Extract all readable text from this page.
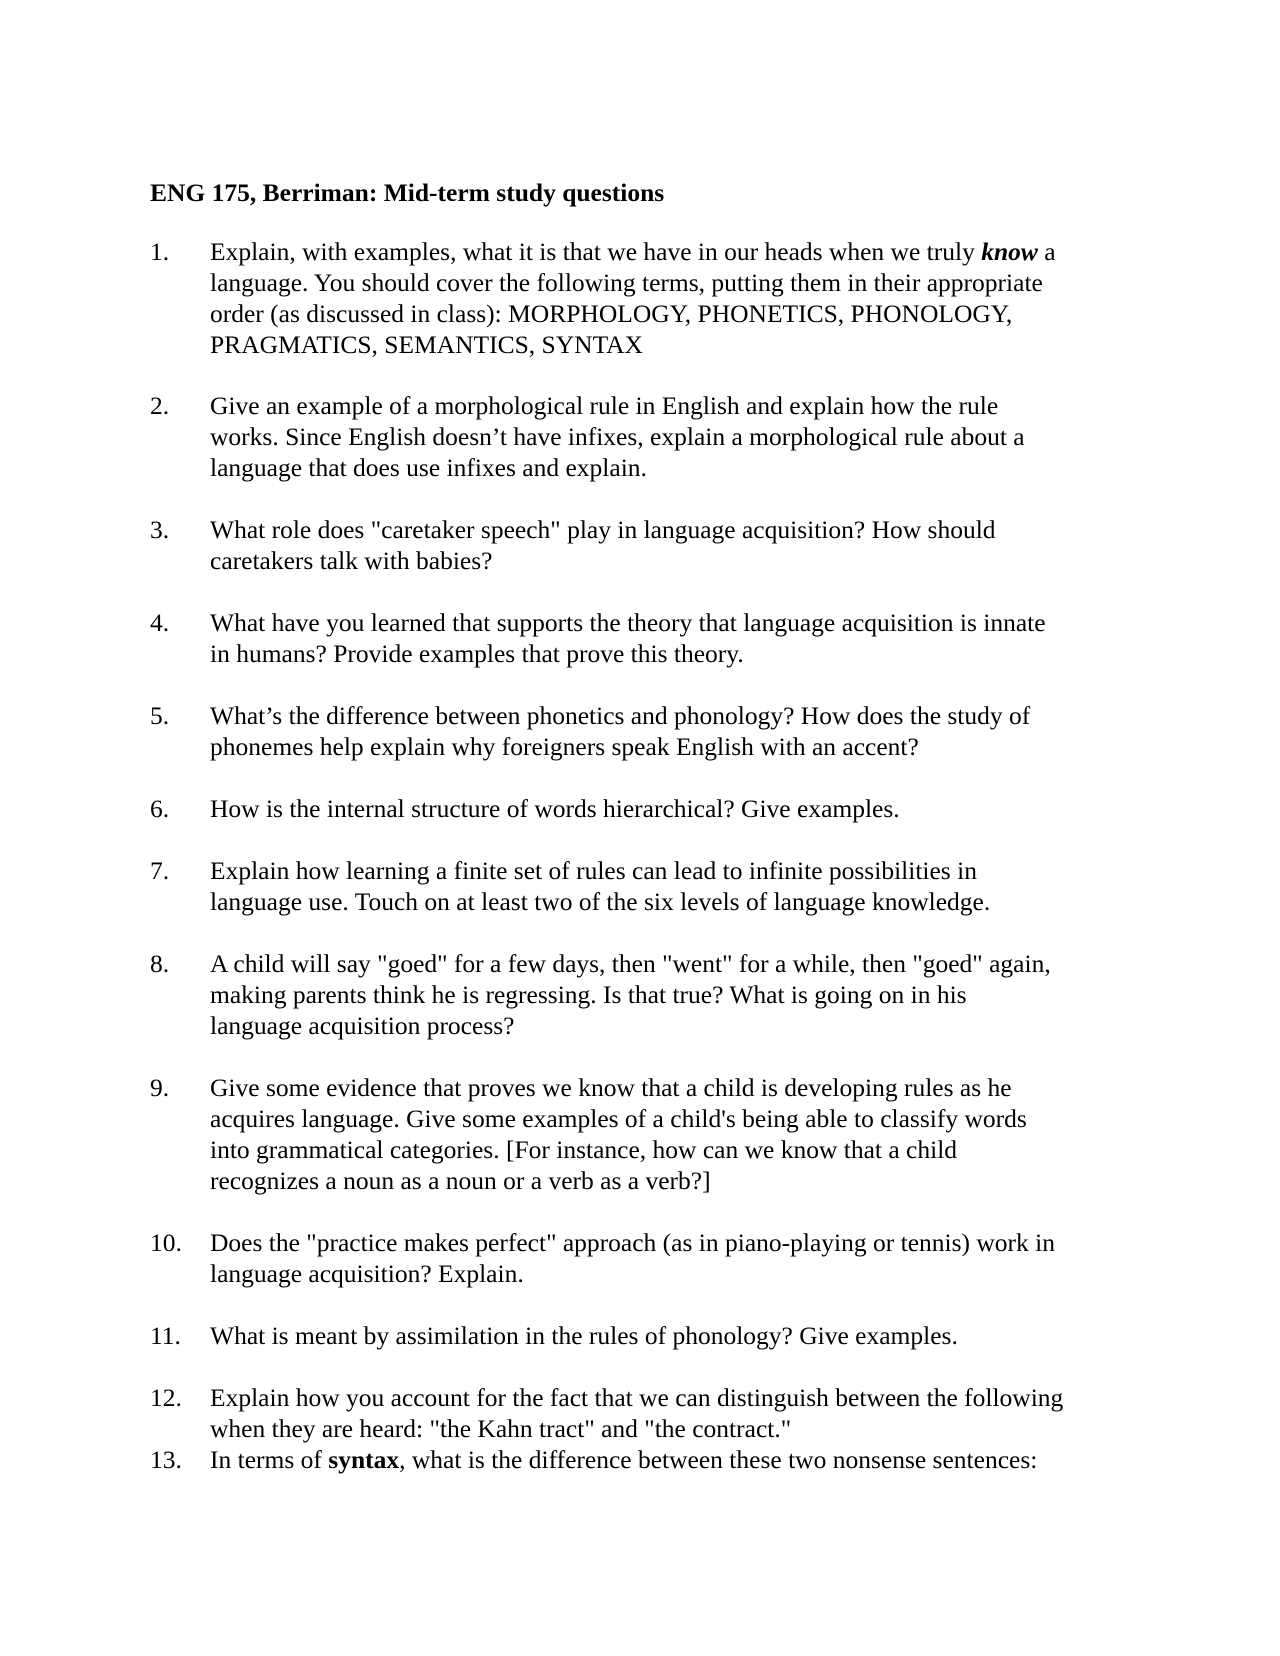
ENG 175, Berriman: Mid-term study questions
1.	Explain, with examples, what it is that we have in our heads when we truly know a
language. You should cover the following terms, putting them in their appropriate
order (as discussed in class): MORPHOLOGY, PHONETICS, PHONOLOGY,
PRAGMATICS, SEMANTICS, SYNTAX
2.	Give an example of a morphological rule in English and explain how the rule
works. Since English doesn’t have infixes, explain a morphological rule about a
language that does use infixes and explain.
3.	What role does "caretaker speech" play in language acquisition? How should
caretakers talk with babies?
4.	What have you learned that supports the theory that language acquisition is innate
in humans? Provide examples that prove this theory.
5.	What’s the difference between phonetics and phonology? How does the study of
phonemes help explain why foreigners speak English with an accent?
6.	How is the internal structure of words hierarchical? Give examples.
7.	Explain how learning a finite set of rules can lead to infinite possibilities in
language use. Touch on at least two of the six levels of language knowledge.
8.	A child will say "goed" for a few days, then "went" for a while, then "goed" again,
making parents think he is regressing. Is that true? What is going on in his
language acquisition process?
9.	Give some evidence that proves we know that a child is developing rules as he
acquires language. Give some examples of a child's being able to classify words
into grammatical categories. [For instance, how can we know that a child
recognizes a noun as a noun or a verb as a verb?]
10.	Does the "practice makes perfect" approach (as in piano-playing or tennis) work in
language acquisition? Explain.
11.	What is meant by assimilation in the rules of phonology? Give examples.
12.	Explain how you account for the fact that we can distinguish between the following
when they are heard: "the Kahn tract" and "the contract."
13.	In terms of syntax, what is the difference between these two nonsense sentences:
